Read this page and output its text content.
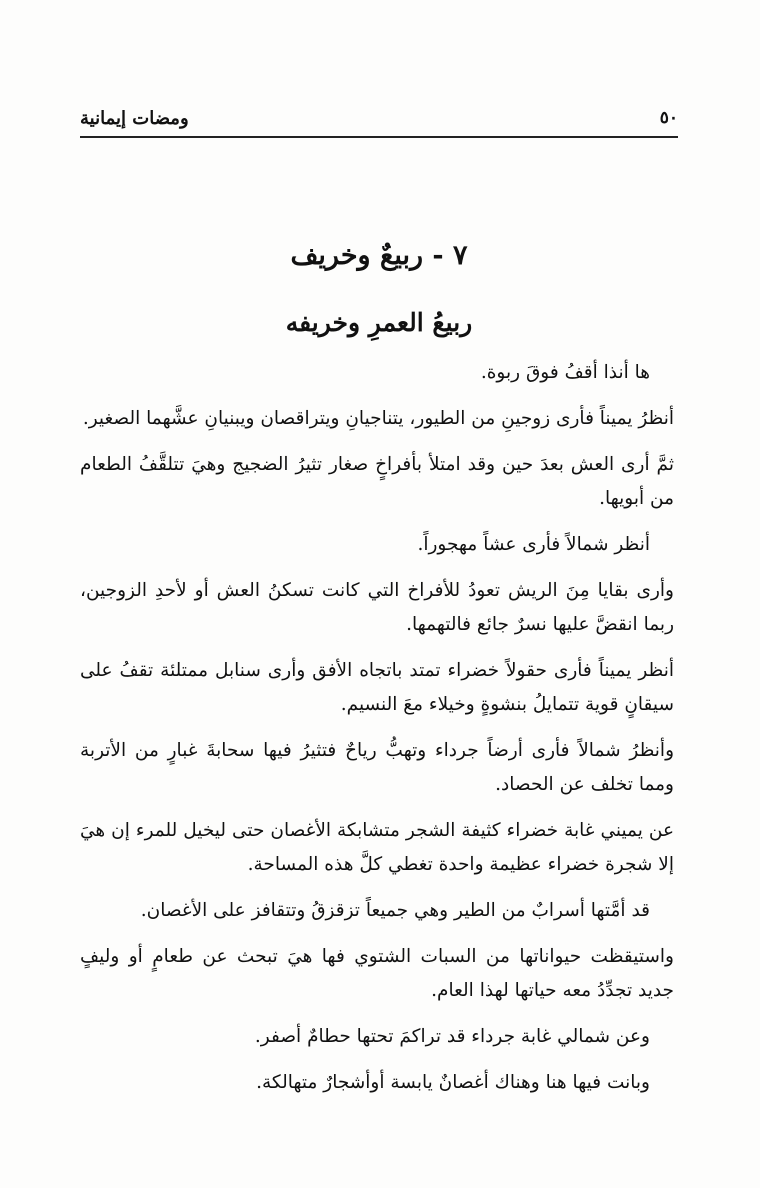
٥٠
ومضات إيمانية
٧ - ربيعٌ وخريف
ربيعُ العمرِ وخريفه

ها أنذا أقفُ فوقَ ربوة.

أنظرُ يميناً فأرى زوجينِ من الطيور، يتناجيانِ ويتراقصان ويبنيانِ عشَّهما الصغير.

ثمَّ أرى العش بعدَ حين وقد امتلأ بأفراخٍ صغار تثيرُ الضجيج وهيَ تتلقَّفُ الطعام من أبويها.

أنظر شمالاً فأرى عشاً مهجوراً.

وأرى بقايا مِنَ الريش تعودُ للأفراخ التي كانت تسكنُ العش أو لأحدِ الزوجين، ربما انقضَّ عليها نسرٌ جائع فالتهمها.

أنظر يميناً فأرى حقولاً خضراء تمتد باتجاه الأفق وأرى سنابل ممتلئة تقفُ على سيقانٍ قوية تتمايلُ بنشوةٍ وخيلاء معَ النسيم.

وأنظرُ شمالاً فأرى أرضاً جرداء وتهبُّ رياحٌ فتثيرُ فيها سحابةَ غبارٍ من الأتربة ومما تخلف عن الحصاد.

عن يميني غابة خضراء كثيفة الشجر متشابكة الأغصان حتى ليخيل للمرء إن هيَ إلا شجرة خضراء عظيمة واحدة تغطي كلَّ هذه المساحة.

قد أمَّتها أسرابٌ من الطير وهي جميعاً تزقزقُ وتتقافز على الأغصان.

واستيقظت حيواناتها من السبات الشتوي فها هيَ تبحث عن طعامٍ أو وليفٍ جديد تجدِّدُ معه حياتها لهذا العام.

وعن شمالي غابة جرداء قد تراكمَ تحتها حطامٌ أصفر.

وبانت فيها هنا وهناك أغصانٌ يابسة أوأشجارٌ متهالكة.
